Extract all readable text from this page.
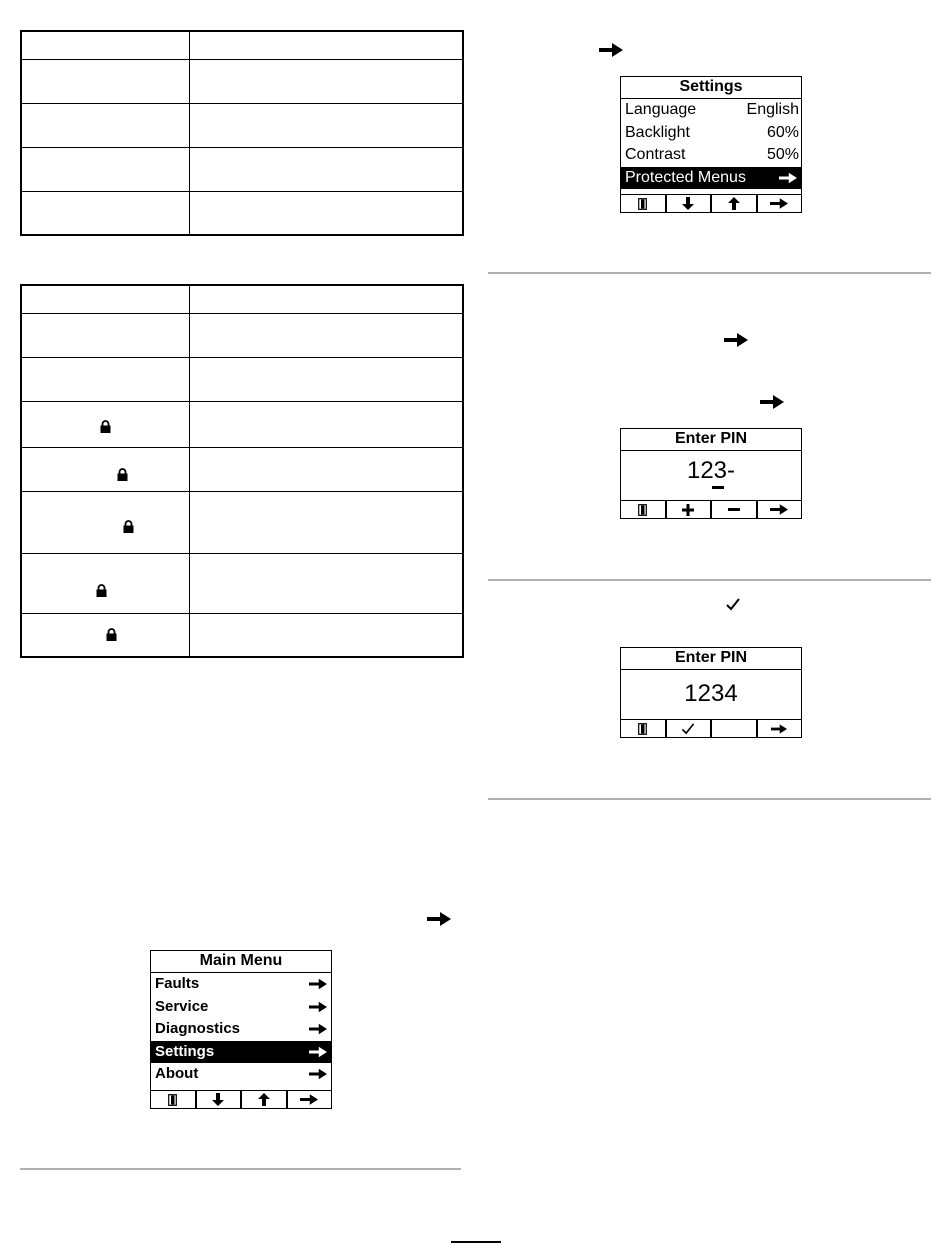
Main Menu
Faults
Service
Diagnostics
Settings
About
Settings
Language	English
Backlight	60%
Contrast	50%
Protected Menus
Enter PIN
123-
Enter PIN
1234
